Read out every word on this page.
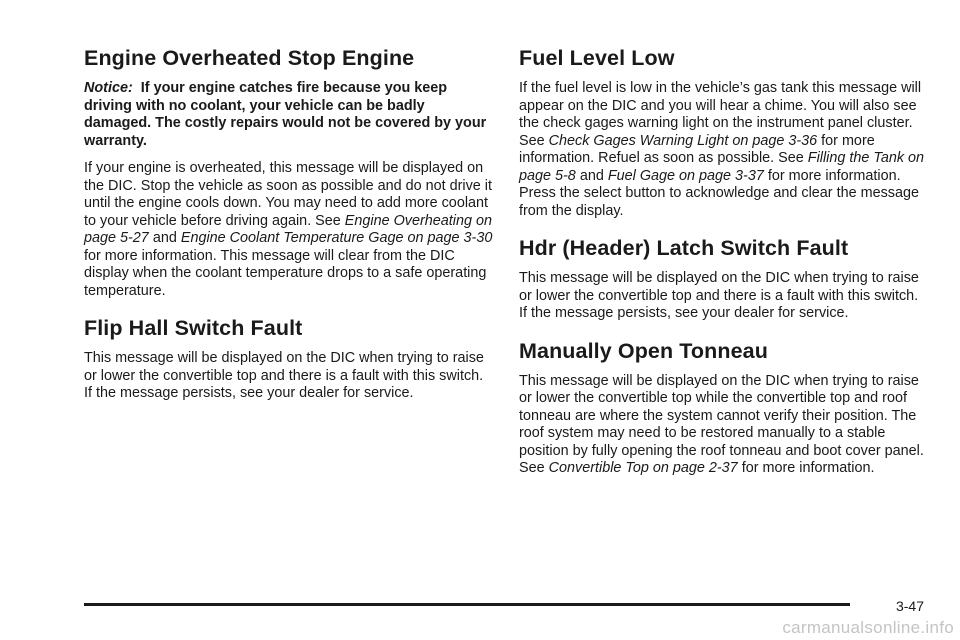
Engine Overheated Stop Engine

Notice: If your engine catches fire because you keep driving with no coolant, your vehicle can be badly damaged. The costly repairs would not be covered by your warranty.

If your engine is overheated, this message will be displayed on the DIC. Stop the vehicle as soon as possible and do not drive it until the engine cools down. You may need to add more coolant to your vehicle before driving again. See Engine Overheating on page 5-27 and Engine Coolant Temperature Gage on page 3-30 for more information. This message will clear from the DIC display when the coolant temperature drops to a safe operating temperature.

Flip Hall Switch Fault

This message will be displayed on the DIC when trying to raise or lower the convertible top and there is a fault with this switch. If the message persists, see your dealer for service.

Fuel Level Low

If the fuel level is low in the vehicle’s gas tank this message will appear on the DIC and you will hear a chime. You will also see the check gages warning light on the instrument panel cluster. See Check Gages Warning Light on page 3-36 for more information. Refuel as soon as possible. See Filling the Tank on page 5-8 and Fuel Gage on page 3-37 for more information. Press the select button to acknowledge and clear the message from the display.

Hdr (Header) Latch Switch Fault

This message will be displayed on the DIC when trying to raise or lower the convertible top and there is a fault with this switch. If the message persists, see your dealer for service.

Manually Open Tonneau

This message will be displayed on the DIC when trying to raise or lower the convertible top while the convertible top and roof tonneau are where the system cannot verify their position. The roof system may need to be restored manually to a stable position by fully opening the roof tonneau and boot cover panel. See Convertible Top on page 2-37 for more information.

3-47
carmanualsonline.info
